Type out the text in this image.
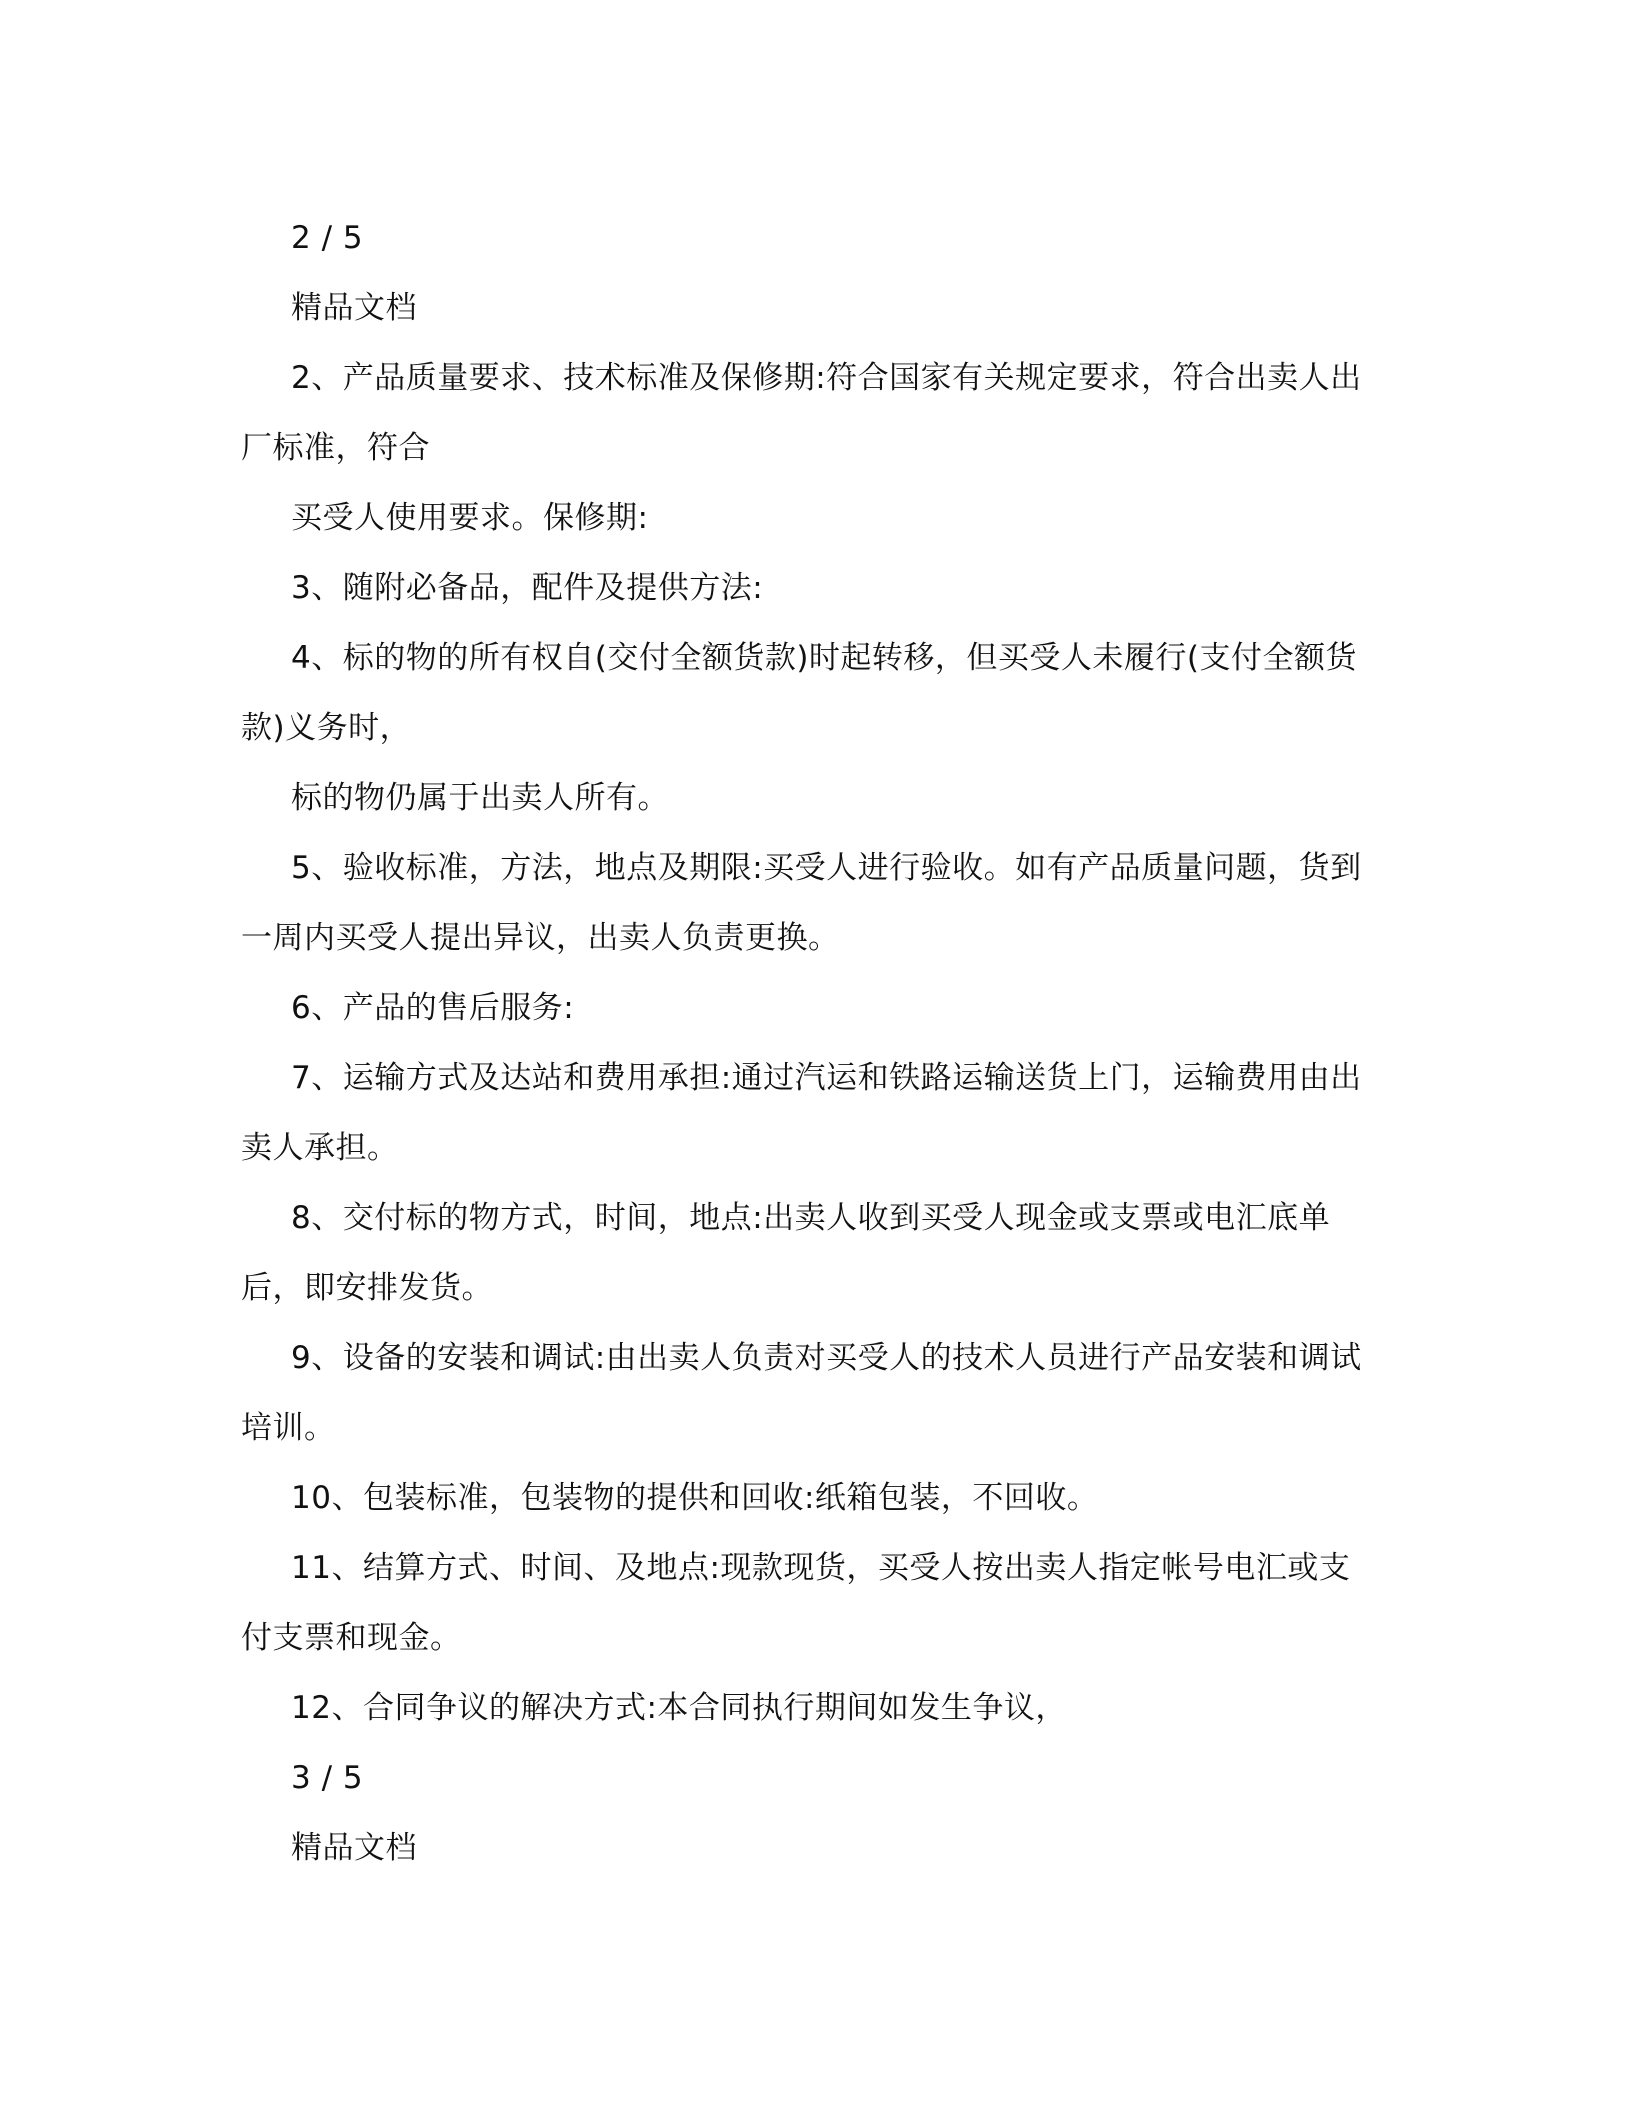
2 / 5
精品文档
2、产品质量要求、技术标准及保修期:符合国家有关规定要求，符合出卖人出
厂标准，符合
买受人使用要求。保修期:
3、随附必备品，配件及提供方法:
4、标的物的所有权自(交付全额货款)时起转移，但买受人未履行(支付全额货
款)义务时，
标的物仍属于出卖人所有。
5、验收标准，方法，地点及期限:买受人进行验收。如有产品质量问题，货到
一周内买受人提出异议，出卖人负责更换。
6、产品的售后服务:
7、运输方式及达站和费用承担:通过汽运和铁路运输送货上门，运输费用由出
卖人承担。
8、交付标的物方式，时间，地点:出卖人收到买受人现金或支票或电汇底单
后，即安排发货。
9、设备的安装和调试:由出卖人负责对买受人的技术人员进行产品安装和调试
培训。
10、包装标准，包装物的提供和回收:纸箱包装，不回收。
11、结算方式、时间、及地点:现款现货，买受人按出卖人指定帐号电汇或支
付支票和现金。
12、合同争议的解决方式:本合同执行期间如发生争议，
3 / 5
精品文档
